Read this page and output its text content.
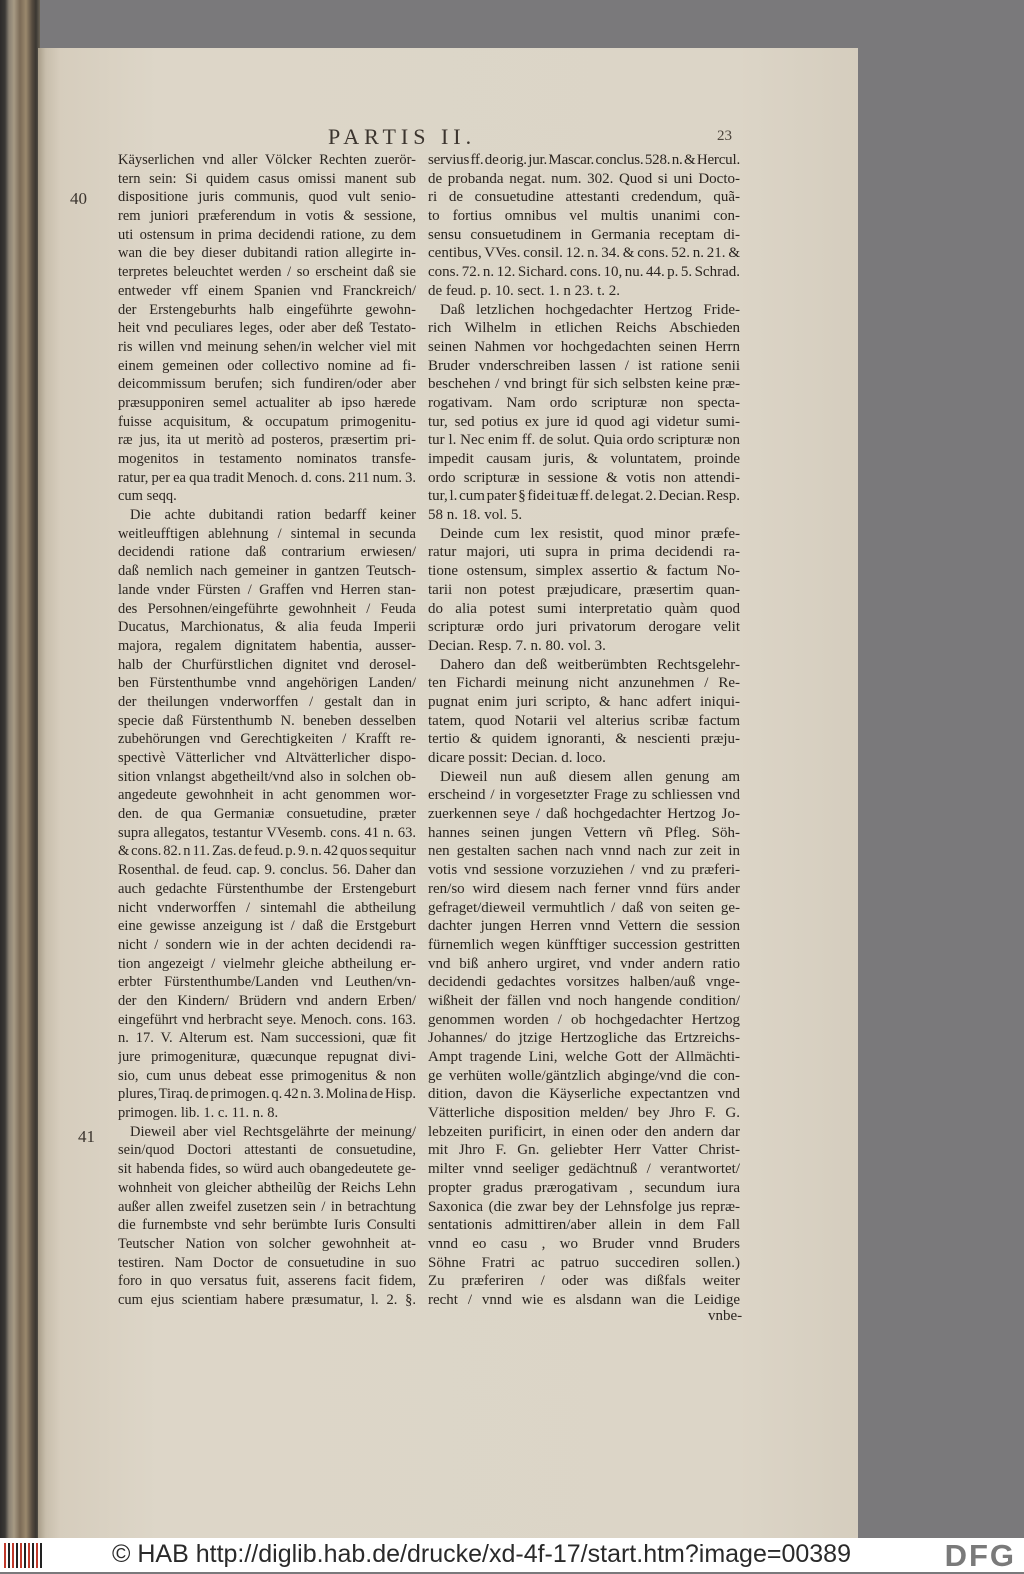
PARTIS II.	23
40
41
Käyserlichen vnd aller Völcker Rechten zuerör-
tern sein: Si quidem casus omissi manent sub
dispositione juris communis, quod vult senio-
rem juniori præferendum in votis & sessione,
uti ostensum in prima decidendi ratione, zu dem
wan die bey dieser dubitandi ration allegirte in-
terpretes beleuchtet werden / so erscheint daß sie
entweder vff einem Spanien vnd Franckreich/
der Erstengeburhts halb eingeführte gewohn-
heit vnd peculiares leges, oder aber deß Testato-
ris willen vnd meinung sehen/in welcher viel mit
einem gemeinen oder collectivo nomine ad fi-
deicommissum berufen; sich fundiren/oder aber
præsupponiren semel actualiter ab ipso hærede
fuisse acquisitum, & occupatum primogenitu-
ræ jus, ita ut meritò ad posteros, præsertim pri-
mogenitos in testamento nominatos transfe-
ratur, per ea qua tradit Menoch. d. cons. 211 num. 3.
cum seqq.
Die achte dubitandi ration bedarff keiner
weitleufftigen ablehnung / sintemal in secunda
decidendi ratione daß contrarium erwiesen/
daß nemlich nach gemeiner in gantzen Teutsch-
lande vnder Fürsten / Graffen vnd Herren stan-
des Persohnen/eingeführte gewohnheit / Feuda
Ducatus, Marchionatus, & alia feuda Imperii
majora, regalem dignitatem habentia, ausser-
halb der Churfürstlichen dignitet vnd derosel-
ben Fürstenthumbe vnnd angehörigen Landen/
der theilungen vnderworffen / gestalt dan in
specie daß Fürstenthumb N. beneben desselben
zubehörungen vnd Gerechtigkeiten / Krafft re-
spectivè Vätterlicher vnd Altvätterlicher dispo-
sition vnlangst abgetheilt/vnd also in solchen ob-
angedeute gewohnheit in acht genommen wor-
den. de qua Germaniæ consuetudine, præter
supra allegatos, testantur VVesemb. cons. 41 n. 63.
& cons. 82. n 11. Zas. de feud. p. 9. n. 42 quos sequitur
Rosenthal. de feud. cap. 9. conclus. 56. Daher dan
auch gedachte Fürstenthumbe der Erstengeburt
nicht vnderworffen / sintemahl die abtheilung
eine gewisse anzeigung ist / daß die Erstgeburt
nicht / sondern wie in der achten decidendi ra-
tion angezeigt / vielmehr gleiche abtheilung er-
erbter Fürstenthumbe/Landen vnd Leuthen/vn-
der den Kindern/ Brüdern vnd andern Erben/
eingeführt vnd herbracht seye. Menoch. cons. 163.
n. 17. V. Alterum est. Nam successioni, quæ fit
jure primogenituræ, quæcunque repugnat divi-
sio, cum unus debeat esse primogenitus & non
plures, Tiraq. de primogen. q. 42 n. 3. Molina de Hisp.
primogen. lib. 1. c. 11. n. 8.
Dieweil aber viel Rechtsgelährte der meinung/
sein/quod Doctori attestanti de consuetudine,
sit habenda fides, so würd auch obangedeutete ge-
wohnheit von gleicher abtheilũg der Reichs Lehn
außer allen zweifel zusetzen sein / in betrachtung
die furnembste vnd sehr berümbte Iuris Consulti
Teutscher Nation von solcher gewohnheit at-
testiren. Nam Doctor de consuetudine in suo
foro in quo versatus fuit, asserens facit fidem,
cum ejus scientiam habere præsumatur, l. 2. §.
servius ff. de orig. jur. Mascar. conclus. 528. n. & Hercul.
de probanda negat. num. 302. Quod si uni Docto-
ri de consuetudine attestanti credendum, quã-
to fortius omnibus vel multis unanimi con-
sensu consuetudinem in Germania receptam di-
centibus, VVes. consil. 12. n. 34. & cons. 52. n. 21. &
cons. 72. n. 12. Sichard. cons. 10, nu. 44. p. 5. Schrad.
de feud. p. 10. sect. 1. n 23. t. 2.
Daß letzlichen hochgedachter Hertzog Fride-
rich Wilhelm in etlichen Reichs Abschieden
seinen Nahmen vor hochgedachten seinen Herrn
Bruder vnderschreiben lassen / ist ratione senii
beschehen / vnd bringt für sich selbsten keine præ-
rogativam. Nam ordo scripturæ non specta-
tur, sed potius ex jure id quod agi videtur sumi-
tur l. Nec enim ff. de solut. Quia ordo scripturæ non
impedit causam juris, & voluntatem, proinde
ordo scripturæ in sessione & votis non attendi-
tur, l. cum pater § fidei tuæ ff. de legat. 2. Decian. Resp.
58 n. 18. vol. 5.
Deinde cum lex resistit, quod minor præfe-
ratur majori, uti supra in prima decidendi ra-
tione ostensum, simplex assertio & factum No-
tarii non potest præjudicare, præsertim quan-
do alia potest sumi interpretatio quàm quod
scripturæ ordo juri privatorum derogare velit
Decian. Resp. 7. n. 80. vol. 3.
Dahero dan deß weitberümbten Rechtsgelehr-
ten Fichardi meinung nicht anzunehmen / Re-
pugnat enim juri scripto, & hanc adfert iniqui-
tatem, quod Notarii vel alterius scribæ factum
tertio & quidem ignoranti, & nescienti præju-
dicare possit: Decian. d. loco.
Dieweil nun auß diesem allen genung am
erscheind / in vorgesetzter Frage zu schliessen vnd
zuerkennen seye / daß hochgedachter Hertzog Jo-
hannes seinen jungen Vettern vñ Pfleg. Söh-
nen gestalten sachen nach vnnd nach zur zeit in
votis vnd sessione vorzuziehen / vnd zu præferi-
ren/so wird diesem nach ferner vnnd fürs ander
gefraget/dieweil vermuhtlich / daß von seiten ge-
dachter jungen Herren vnnd Vettern die session
fürnemlich wegen künfftiger succession gestritten
vnd biß anhero urgiret, vnd vnder andern ratio
decidendi gedachtes vorsitzes halben/auß vnge-
wißheit der fällen vnd noch hangende condition/
genommen worden / ob hochgedachter Hertzog
Johannes/ do jtzige Hertzogliche das Ertzreichs-
Ampt tragende Lini, welche Gott der Allmächti-
ge verhüten wolle/gäntzlich abginge/vnd die con-
dition, davon die Käyserliche expectantzen vnd
Vätterliche disposition melden/ bey Jhro F. G.
lebzeiten purificirt, in einen oder den andern dar
mit Jhro F. Gn. geliebter Herr Vatter Christ-
milter vnnd seeliger gedächtnuß / verantwortet/
propter gradus prærogativam , secundum iura
Saxonica (die zwar bey der Lehnsfolge jus repræ-
sentationis admittiren/aber allein in dem Fall
vnnd eo casu , wo Bruder vnnd Bruders
Söhne Fratri ac patruo succediren sollen.)
Zu præferiren / oder was dißfals weiter
recht / vnnd wie es alsdann wan die Leidige
vnbe-
© HAB http://diglib.hab.de/drucke/xd-4f-17/start.htm?image=00389	DFG
